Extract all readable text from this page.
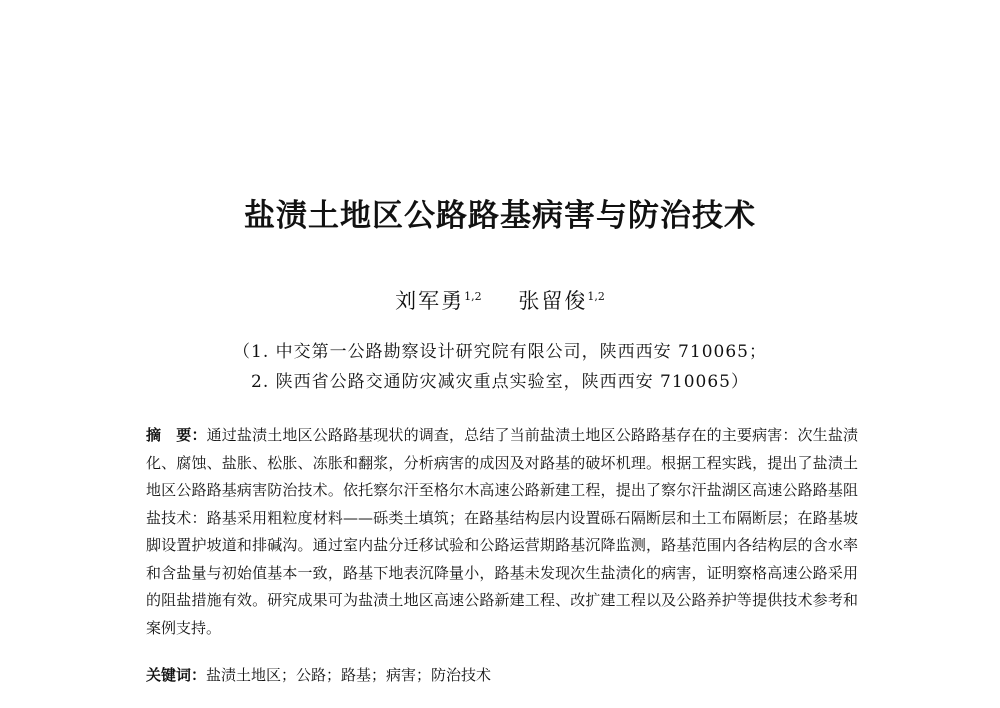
盐渍土地区公路路基病害与防治技术
刘军勇$^{1,2}$ 张留俊$^{1,2}$
（1. 中交第一公路勘察设计研究院有限公司，陕西西安 710065；
2. 陕西省公路交通防灾减灾重点实验室，陕西西安 710065）
摘　要：通过盐渍土地区公路路基现状的调查，总结了当前盐渍土地区公路路基存在的主要病害：次生盐渍化、腐蚀、盐胀、松胀、冻胀和翻浆，分析病害的成因及对路基的破坏机理。根据工程实践，提出了盐渍土地区公路路基病害防治技术。依托察尔汗至格尔木高速公路新建工程，提出了察尔汗盐湖区高速公路路基阻盐技术：路基采用粗粒度材料——砾类土填筑；在路基结构层内设置砾石隔断层和土工布隔断层；在路基坡脚设置护坡道和排碱沟。通过室内盐分迁移试验和公路运营期路基沉降监测，路基范围内各结构层的含水率和含盐量与初始值基本一致，路基下地表沉降量小，路基未发现次生盐渍化的病害，证明察格高速公路采用的阻盐措施有效。研究成果可为盐渍土地区高速公路新建工程、改扩建工程以及公路养护等提供技术参考和案例支持。
关键词：盐渍土地区；公路；路基；病害；防治技术
